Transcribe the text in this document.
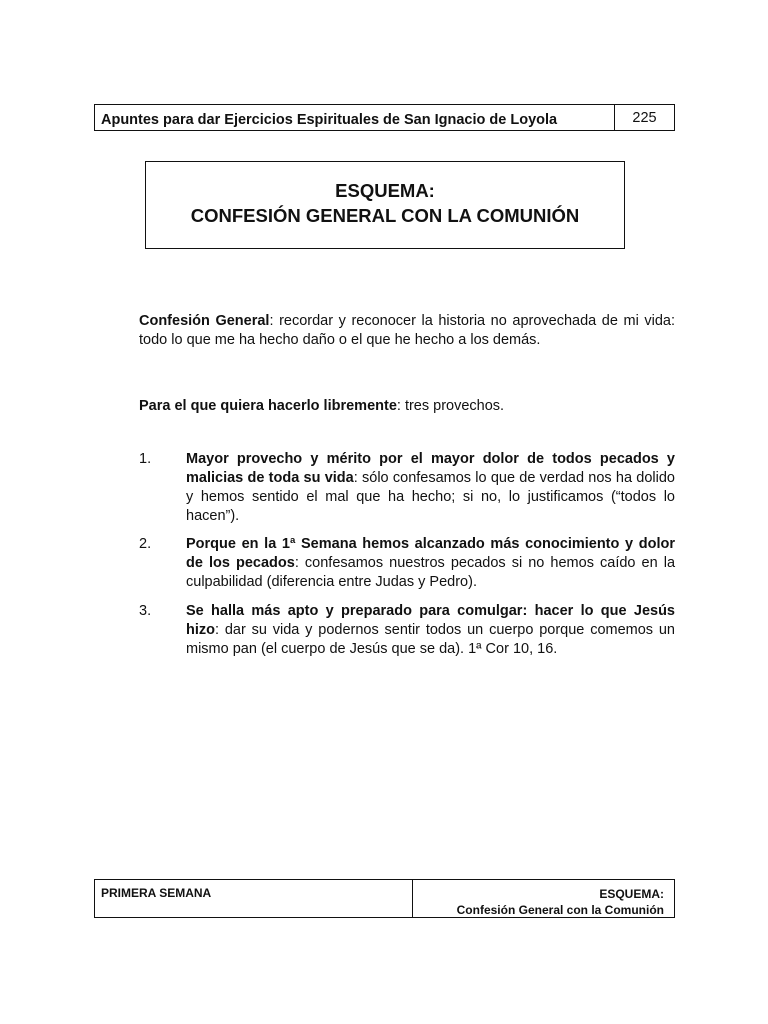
Apuntes para dar Ejercicios Espirituales de San Ignacio de Loyola	225
ESQUEMA:
CONFESIÓN GENERAL CON LA COMUNIÓN
Confesión General: recordar y reconocer la historia no aprovechada de mi vida: todo lo que me ha hecho daño o el que he hecho a los demás.
Para el que quiera hacerlo libremente: tres provechos.
1.	Mayor provecho y mérito por el mayor dolor de todos pecados y malicias de toda su vida: sólo confesamos lo que de verdad nos ha dolido y hemos sentido el mal que ha hecho; si no, lo justificamos (“todos lo hacen”).
2.	Porque en la 1ª Semana hemos alcanzado más conocimiento y dolor de los pecados: confesamos nuestros pecados si no hemos caído en la culpabilidad (diferencia entre Judas y Pedro).
3.	Se halla más apto y preparado para comulgar: hacer lo que Jesús hizo: dar su vida y podernos sentir todos un cuerpo porque comemos un mismo pan (el cuerpo de Jesús que se da). 1ª Cor 10, 16.
PRIMERA SEMANA	ESQUEMA:
Confesión General con la Comunión
